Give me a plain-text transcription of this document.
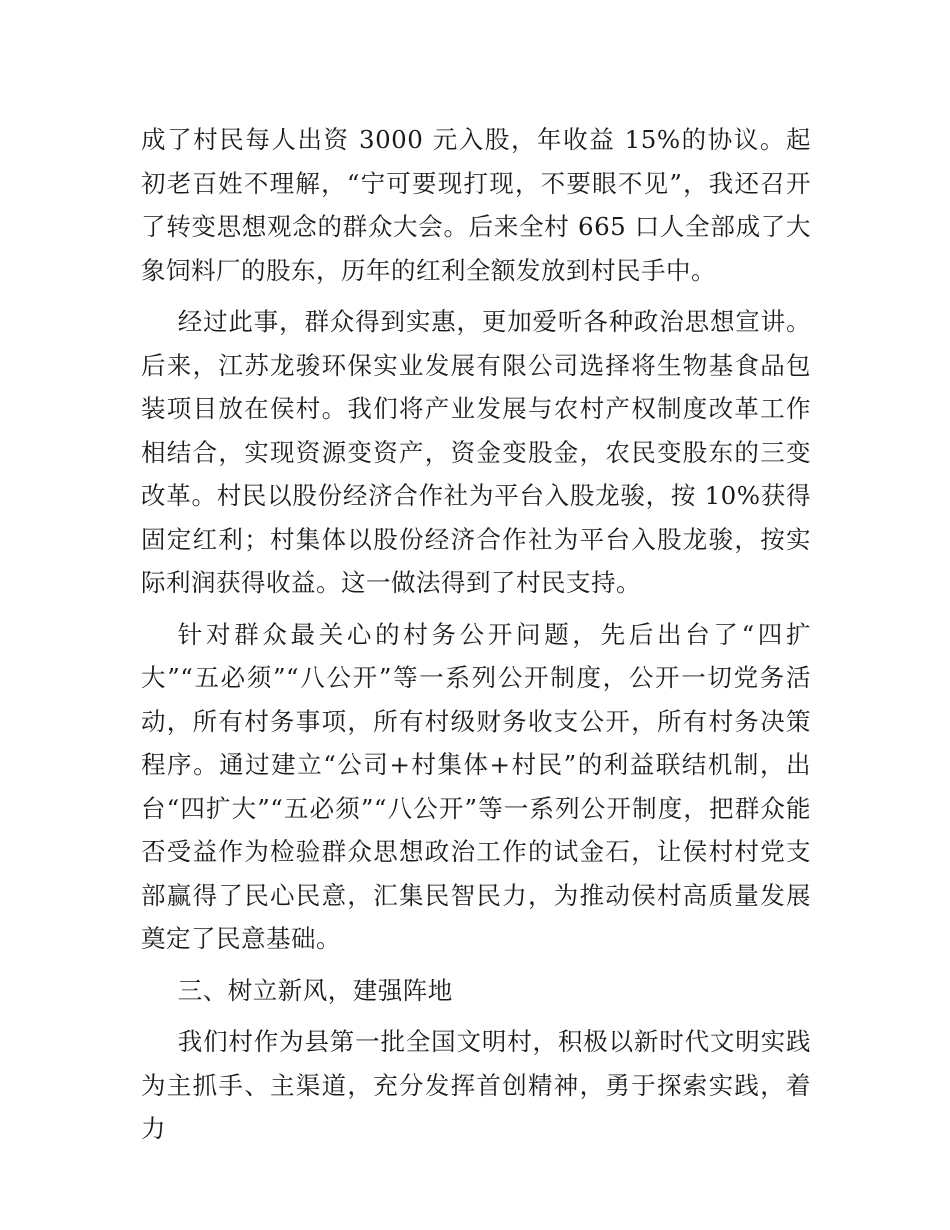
成了村民每人出资 3000 元入股，年收益 15%的协议。起初老百姓不理解，“宁可要现打现，不要眼不见”，我还召开了转变思想观念的群众大会。后来全村 665 口人全部成了大象饲料厂的股东，历年的红利全额发放到村民手中。

经过此事，群众得到实惠，更加爱听各种政治思想宣讲。后来，江苏龙骏环保实业发展有限公司选择将生物基食品包装项目放在侯村。我们将产业发展与农村产权制度改革工作相结合，实现资源变资产，资金变股金，农民变股东的三变改革。村民以股份经济合作社为平台入股龙骏，按 10%获得固定红利；村集体以股份经济合作社为平台入股龙骏，按实际利润获得收益。这一做法得到了村民支持。

针对群众最关心的村务公开问题，先后出台了“四扩大”“五必须”“八公开”等一系列公开制度，公开一切党务活动，所有村务事项，所有村级财务收支公开，所有村务决策程序。通过建立“公司+村集体+村民”的利益联结机制，出台“四扩大”“五必须”“八公开”等一系列公开制度，把群众能否受益作为检验群众思想政治工作的试金石，让侯村村党支部赢得了民心民意，汇集民智民力，为推动侯村高质量发展奠定了民意基础。

三、树立新风，建强阵地

我们村作为县第一批全国文明村，积极以新时代文明实践为主抓手、主渠道，充分发挥首创精神，勇于探索实践，着力
